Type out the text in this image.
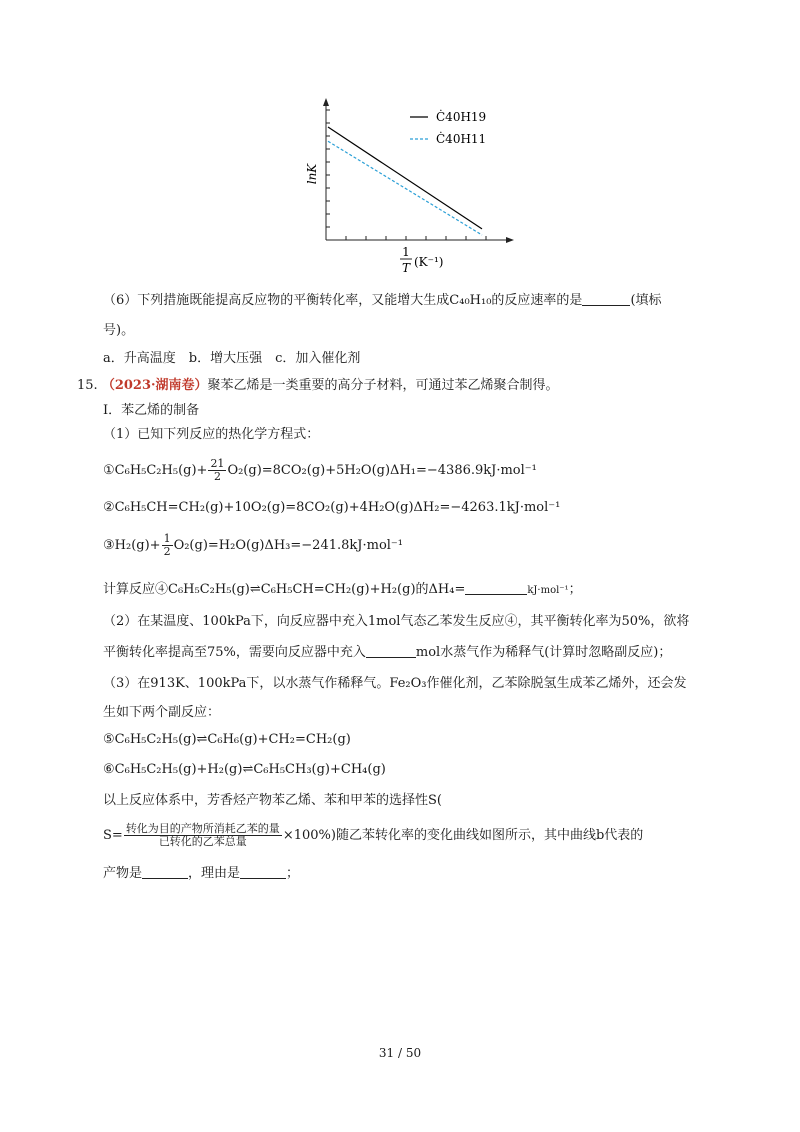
lnK
1
T (K⁻¹)
Ċ40H19
Ċ40H11
（6）下列措施既能提高反应物的平衡转化率，又能增大生成C₄₀H₁₀的反应速率的是	(填标
号)。
a．升高温度　b．增大压强　c．加入催化剂
15. （2023·湖南卷）聚苯乙烯是一类重要的高分子材料，可通过苯乙烯聚合制得。
Ⅰ．苯乙烯的制备
（1）已知下列反应的热化学方程式：
①C₆H₅C₂H₅(g)+ $\frac{21}{2} O_2(g)=8CO_2(g)+5H_2O(g)\Delta H_1=-4386.9kJ\cdot mol^{-1}$
②C₆H₅CH=CH₂(g)+10O₂(g)=8CO₂(g)+4H₂O(g)ΔH₂=−4263.1kJ·mol⁻¹
③H₂(g)+ $\frac{1}{2} O_2(g)=H_2O(g)\Delta H_3=-241.8kJ\cdot mol^{-1}$
计算反应④C₆H₅C₂H₅(g)⇌C₆H₅CH=CH₂(g)+H₂(g)的ΔH₄=	kJ·mol⁻¹；
（2）在某温度、100kPa下，向反应器中充入1mol气态乙苯发生反应④，其平衡转化率为50%，欲将
平衡转化率提高至75%，需要向反应器中充入	mol水蒸气作为稀释气(计算时忽略副反应)；
（3）在913K、100kPa下，以水蒸气作稀释气。Fe₂O₃作催化剂，乙苯除脱氢生成苯乙烯外，还会发
生如下两个副反应：
⑤C₆H₅C₂H₅(g)⇌C₆H₆(g)+CH₂=CH₂(g)
⑥C₆H₅C₂H₅(g)+H₂(g)⇌C₆H₅CH₃(g)+CH₄(g)
以上反应体系中，芳香烃产物苯乙烯、苯和甲苯的选择性S(
$S= \frac{\text{转化为目的产物所消耗乙苯的量}}{\text{已转化的乙苯总量}} \times 100\%$)随乙苯转化率的变化曲线如图所示，其中曲线b代表的
产物是	，理由是	；
31 / 50
